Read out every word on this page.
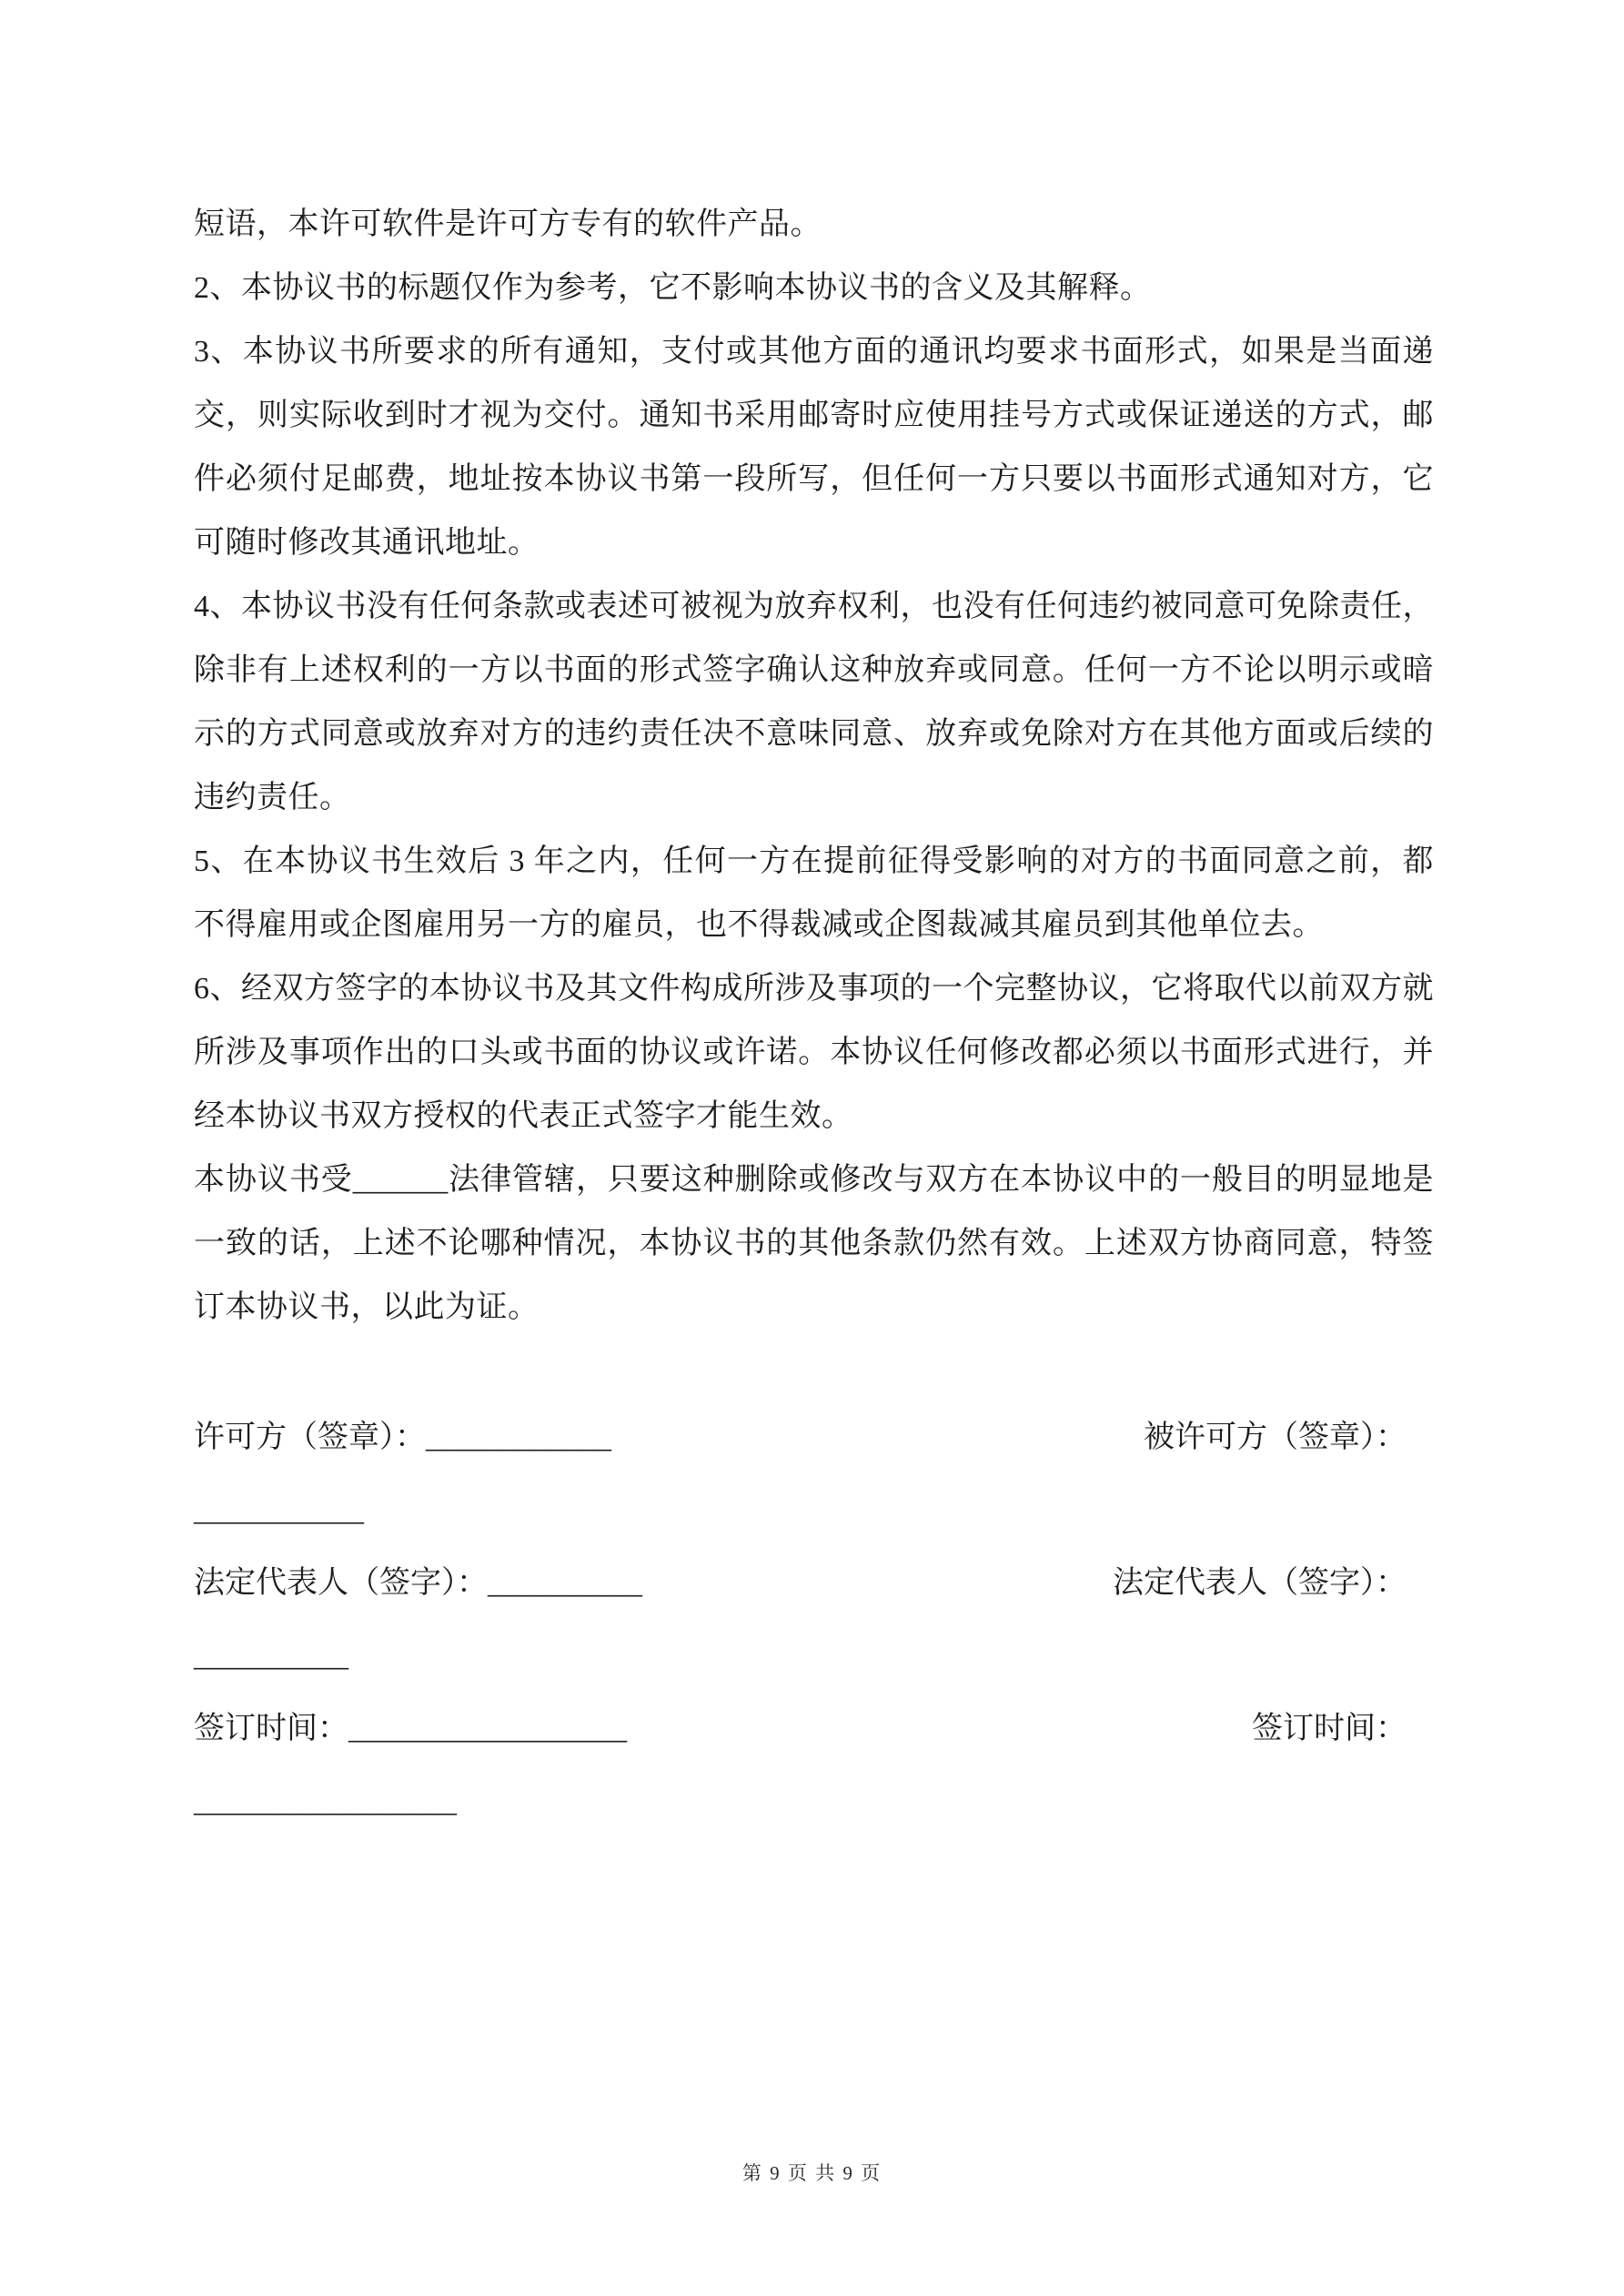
短语，本许可软件是许可方专有的软件产品。

2、本协议书的标题仅作为参考，它不影响本协议书的含义及其解释。

3、本协议书所要求的所有通知，支付或其他方面的通讯均要求书面形式，如果是当面递交，则实际收到时才视为交付。通知书采用邮寄时应使用挂号方式或保证递送的方式，邮件必须付足邮费，地址按本协议书第一段所写，但任何一方只要以书面形式通知对方，它可随时修改其通讯地址。

4、本协议书没有任何条款或表述可被视为放弃权利，也没有任何违约被同意可免除责任，除非有上述权利的一方以书面的形式签字确认这种放弃或同意。任何一方不论以明示或暗示的方式同意或放弃对方的违约责任决不意味同意、放弃或免除对方在其他方面或后续的违约责任。

5、在本协议书生效后 3 年之内，任何一方在提前征得受影响的对方的书面同意之前，都不得雇用或企图雇用另一方的雇员，也不得裁减或企图裁减其雇员到其他单位去。

6、经双方签字的本协议书及其文件构成所涉及事项的一个完整协议，它将取代以前双方就所涉及事项作出的口头或书面的协议或许诺。本协议任何修改都必须以书面形式进行，并经本协议书双方授权的代表正式签字才能生效。

本协议书受______法律管辖，只要这种删除或修改与双方在本协议中的一般目的明显地是一致的话，上述不论哪种情况，本协议书的其他条款仍然有效。上述双方协商同意，特签订本协议书，以此为证。

许可方（签章）：____________	被许可方（签章）：
___________
法定代表人（签字）：__________	法定代表人（签字）：
__________
签订时间：__________________	签订时间：
_________________
第 9 页 共 9 页
